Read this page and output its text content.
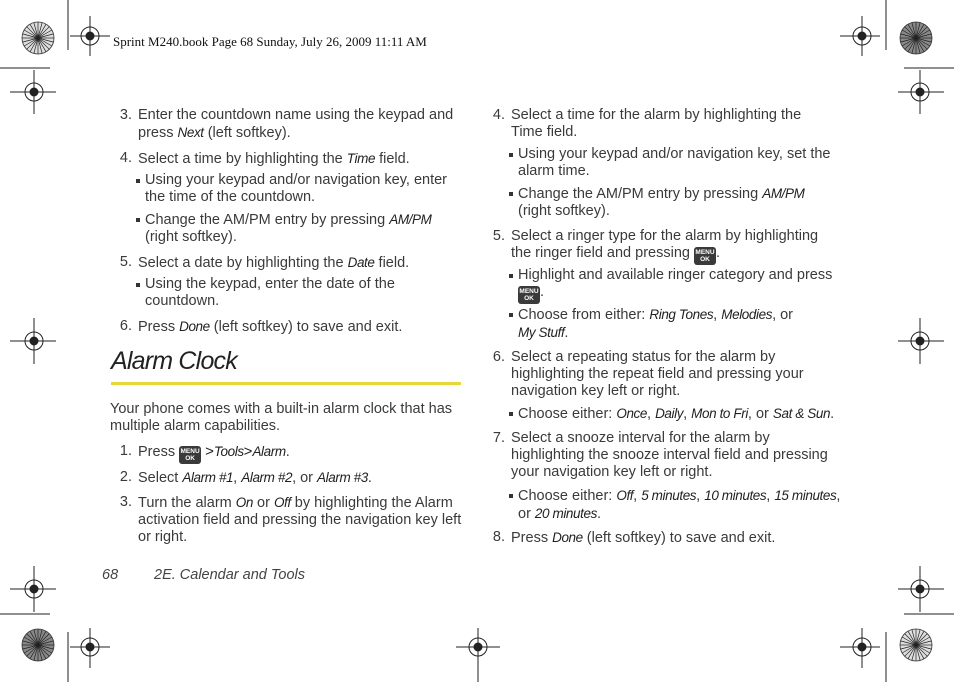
Sprint M240.book Page 68 Sunday, July 26, 2009 11:11 AM
3. Enter the countdown name using the keypad and press Next (left softkey).
4. Select a time by highlighting the Time field.
Using your keypad and/or navigation key, enter the time of the countdown.
Change the AM/PM entry by pressing AM/PM
(right softkey).
5. Select a date by highlighting the Date field.
Using the keypad, enter the date of the countdown.
6. Press Done (left softkey) to save and exit.
Alarm Clock
Your phone comes with a built-in alarm clock that has multiple alarm capabilities.
1. Press MENU
OK >Tools>Alarm.
2. Select Alarm #1, Alarm #2, or Alarm #3.
3. Turn the alarm On or Off by highlighting the Alarm activation field and pressing the navigation key left or right.
68 2E. Calendar and Tools
4. Select a time for the alarm by highlighting the Time field.
Using your keypad and/or navigation key, set the alarm time.
Change the AM/PM entry by pressing AM/PM
(right softkey).
5. Select a ringer type for the alarm by highlighting the ringer field and pressing MENU
OK .
Highlight and available ringer category and press
MENU
OK .
Choose from either: Ring Tones, Melodies, or
My Stuff.
6. Select a repeating status for the alarm by highlighting the repeat field and pressing your navigation key left or right.
Choose either: Once, Daily, Mon to Fri, or Sat & Sun.
7. Select a snooze interval for the alarm by highlighting the snooze interval field and pressing your navigation key left or right.
Choose either: Off, 5 minutes, 10 minutes, 15 minutes,
or 20 minutes.
8. Press Done (left softkey) to save and exit.
